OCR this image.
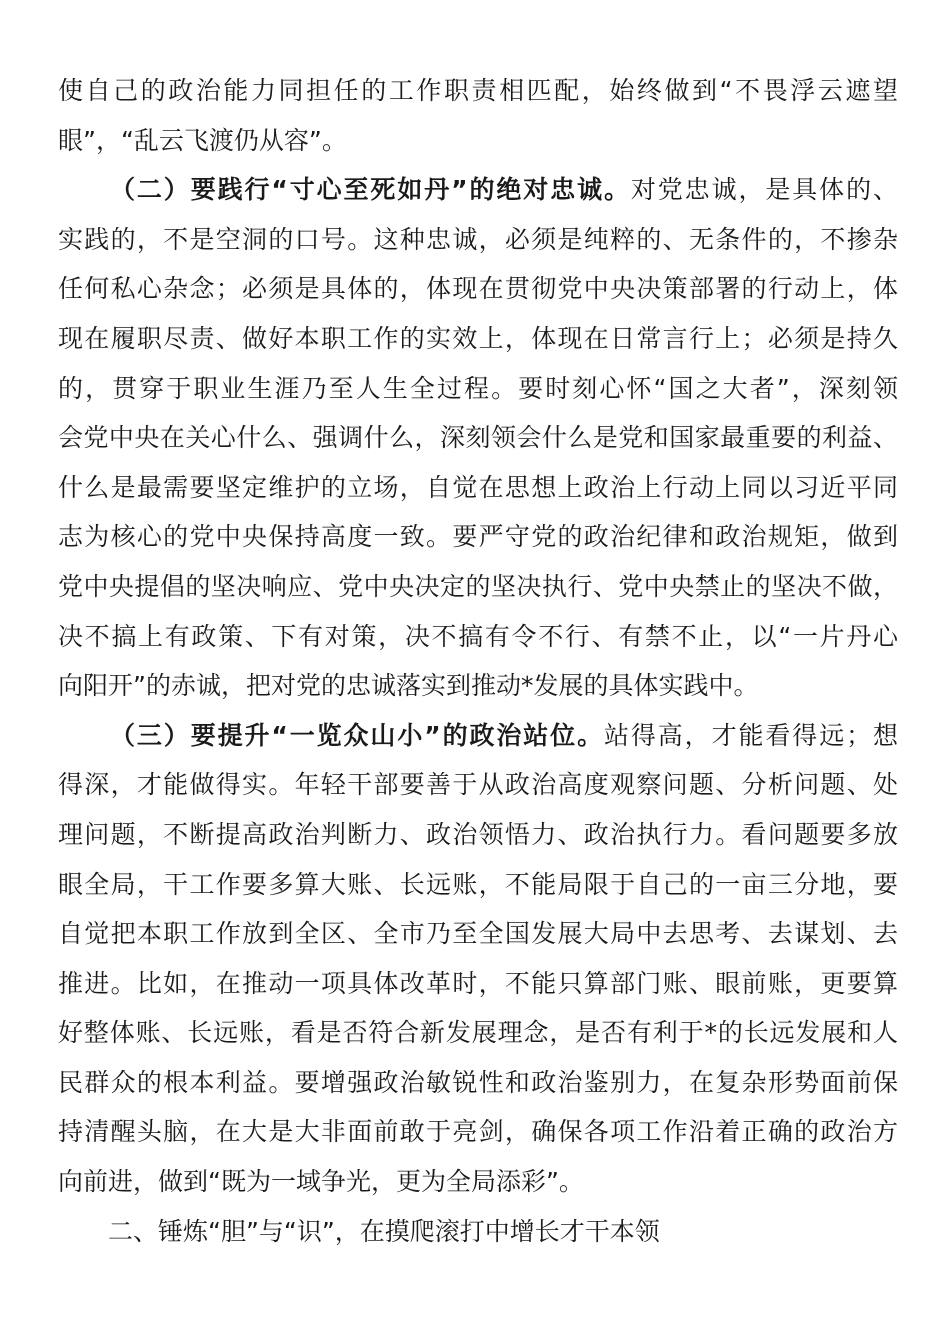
使自己的政治能力同担任的工作职责相匹配，始终做到“不畏浮云遮望
眼”，“乱云飞渡仍从容”。
（二）要践行“寸心至死如丹”的绝对忠诚。对党忠诚，是具体的、
实践的，不是空洞的口号。这种忠诚，必须是纯粹的、无条件的，不掺杂
任何私心杂念；必须是具体的，体现在贯彻党中央决策部署的行动上，体
现在履职尽责、做好本职工作的实效上，体现在日常言行上；必须是持久
的，贯穿于职业生涯乃至人生全过程。要时刻心怀“国之大者”，深刻领
会党中央在关心什么、强调什么，深刻领会什么是党和国家最重要的利益、
什么是最需要坚定维护的立场，自觉在思想上政治上行动上同以习近平同
志为核心的党中央保持高度一致。要严守党的政治纪律和政治规矩，做到
党中央提倡的坚决响应、党中央决定的坚决执行、党中央禁止的坚决不做，
决不搞上有政策、下有对策，决不搞有令不行、有禁不止，以“一片丹心
向阳开”的赤诚，把对党的忠诚落实到推动*发展的具体实践中。
（三）要提升“一览众山小”的政治站位。站得高，才能看得远；想
得深，才能做得实。年轻干部要善于从政治高度观察问题、分析问题、处
理问题，不断提高政治判断力、政治领悟力、政治执行力。看问题要多放
眼全局，干工作要多算大账、长远账，不能局限于自己的一亩三分地，要
自觉把本职工作放到全区、全市乃至全国发展大局中去思考、去谋划、去
推进。比如，在推动一项具体改革时，不能只算部门账、眼前账，更要算
好整体账、长远账，看是否符合新发展理念，是否有利于*的长远发展和人
民群众的根本利益。要增强政治敏锐性和政治鉴别力，在复杂形势面前保
持清醒头脑，在大是大非面前敢于亮剑，确保各项工作沿着正确的政治方
向前进，做到“既为一域争光，更为全局添彩”。
二、锤炼“胆”与“识”，在摸爬滚打中增长才干本领
